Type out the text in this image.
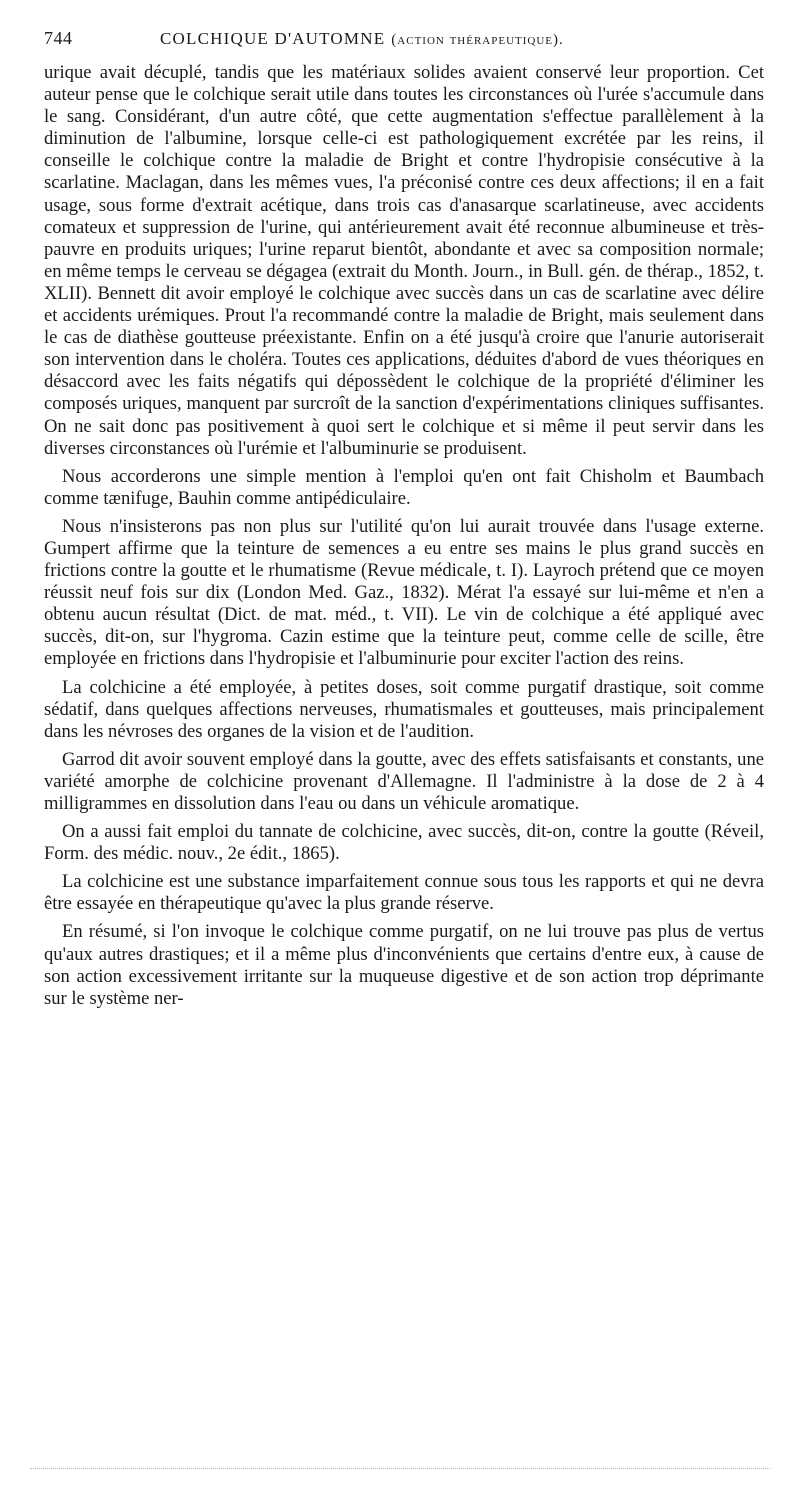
744	COLCHIQUE D'AUTOMNE (action thérapeutique).

urique avait décuplé, tandis que les matériaux solides avaient conservé leur proportion. Cet auteur pense que le colchique serait utile dans toutes les circonstances où l'urée s'accumule dans le sang. Considérant, d'un autre côté, que cette augmentation s'effectue parallèlement à la diminution de l'albumine, lorsque celle-ci est pathologiquement excrétée par les reins, il conseille le colchique contre la maladie de Bright et contre l'hydropisie consécutive à la scarlatine. Maclagan, dans les mêmes vues, l'a préconisé contre ces deux affections; il en a fait usage, sous forme d'extrait acétique, dans trois cas d'anasarque scarlatineuse, avec accidents comateux et suppression de l'urine, qui antérieurement avait été reconnue albumineuse et très-pauvre en produits uriques; l'urine reparut bientôt, abondante et avec sa composition normale; en même temps le cerveau se dégagea (extrait du Month. Journ., in Bull. gén. de thérap., 1852, t. XLII). Bennett dit avoir employé le colchique avec succès dans un cas de scarlatine avec délire et accidents urémiques. Prout l'a recommandé contre la maladie de Bright, mais seulement dans le cas de diathèse goutteuse préexistante. Enfin on a été jusqu'à croire que l'anurie autoriserait son intervention dans le choléra. Toutes ces applications, déduites d'abord de vues théoriques en désaccord avec les faits négatifs qui dépossèdent le colchique de la propriété d'éliminer les composés uriques, manquent par surcroît de la sanction d'expérimentations cliniques suffisantes. On ne sait donc pas positivement à quoi sert le colchique et si même il peut servir dans les diverses circonstances où l'urémie et l'albuminurie se produisent.

Nous accorderons une simple mention à l'emploi qu'en ont fait Chisholm et Baumbach comme tænifuge, Bauhin comme antipédiculaire.

Nous n'insisterons pas non plus sur l'utilité qu'on lui aurait trouvée dans l'usage externe. Gumpert affirme que la teinture de semences a eu entre ses mains le plus grand succès en frictions contre la goutte et le rhumatisme (Revue médicale, t. I). Layroch prétend que ce moyen réussit neuf fois sur dix (London Med. Gaz., 1832). Mérat l'a essayé sur lui-même et n'en a obtenu aucun résultat (Dict. de mat. méd., t. VII). Le vin de colchique a été appliqué avec succès, dit-on, sur l'hygroma. Cazin estime que la teinture peut, comme celle de scille, être employée en frictions dans l'hydropisie et l'albuminurie pour exciter l'action des reins.

La colchicine a été employée, à petites doses, soit comme purgatif drastique, soit comme sédatif, dans quelques affections nerveuses, rhumatismales et goutteuses, mais principalement dans les névroses des organes de la vision et de l'audition.

Garrod dit avoir souvent employé dans la goutte, avec des effets satisfaisants et constants, une variété amorphe de colchicine provenant d'Allemagne. Il l'administre à la dose de 2 à 4 milligrammes en dissolution dans l'eau ou dans un véhicule aromatique.

On a aussi fait emploi du tannate de colchicine, avec succès, dit-on, contre la goutte (Réveil, Form. des médic. nouv., 2e édit., 1865).

La colchicine est une substance imparfaitement connue sous tous les rapports et qui ne devra être essayée en thérapeutique qu'avec la plus grande réserve.

En résumé, si l'on invoque le colchique comme purgatif, on ne lui trouve pas plus de vertus qu'aux autres drastiques; et il a même plus d'inconvénients que certains d'entre eux, à cause de son action excessivement irritante sur la muqueuse digestive et de son action trop déprimante sur le système ner-
